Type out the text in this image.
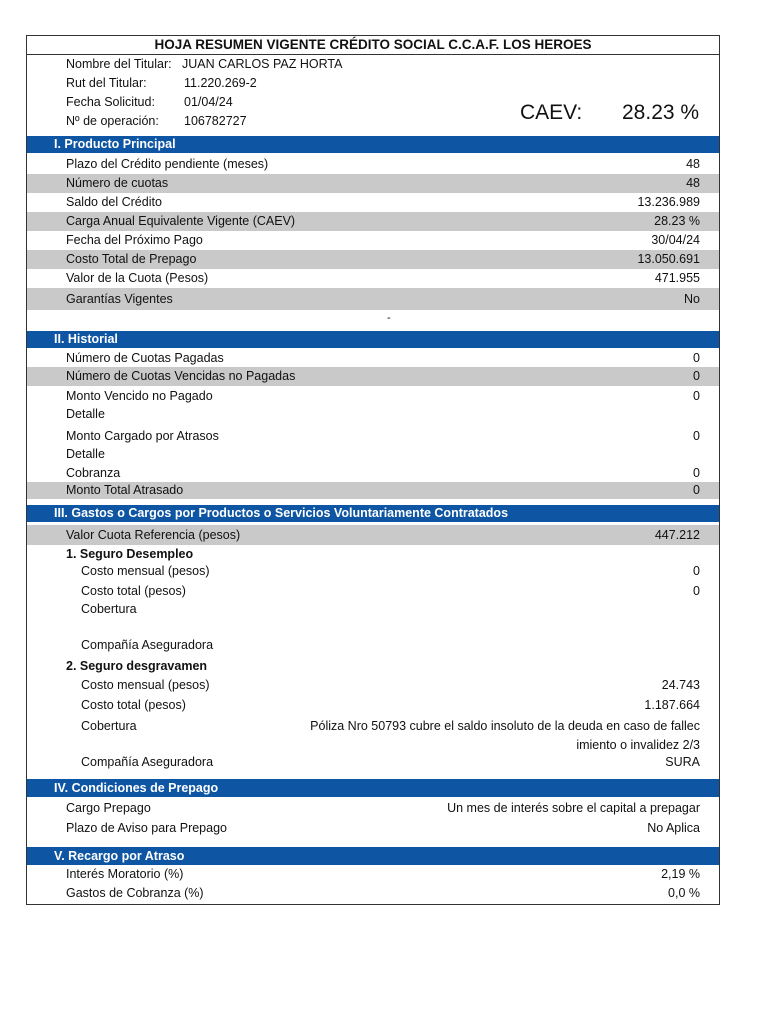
HOJA RESUMEN VIGENTE CRÉDITO SOCIAL C.C.A.F. LOS HEROES
Nombre del Titular: JUAN CARLOS PAZ HORTA
Rut del Titular:	11.220.269-2
Fecha Solicitud: 01/04/24
Nº de operación: 106782727	CAEV: 28.23 %
I. Producto Principal
Plazo del Crédito pendiente (meses)	48
Número de cuotas	48
Saldo del Crédito	13.236.989
Carga Anual Equivalente Vigente (CAEV)	28.23 %
Fecha del Próximo Pago	30/04/24
Costo Total de Prepago	13.050.691
Valor de la Cuota (Pesos)	471.955
Garantías Vigentes	No
-
II. Historial
Número de Cuotas Pagadas	0
Número de Cuotas Vencidas no Pagadas	0
Monto Vencido no Pagado	0
Detalle
Monto Cargado por Atrasos	0
Detalle
Cobranza	0
Monto Total Atrasado	0
III. Gastos o Cargos por Productos o Servicios Voluntariamente Contratados
Valor Cuota Referencia (pesos)	447.212
1. Seguro Desempleo
Costo mensual (pesos)	0
Costo total (pesos)	0
Cobertura
Compañía Aseguradora
2. Seguro desgravamen
Costo mensual (pesos)	24.743
Costo total (pesos)	1.187.664
Cobertura	Póliza Nro 50793 cubre el saldo insoluto de la deuda en caso de fallec
imiento o invalidez 2/3
Compañía Aseguradora	SURA
IV. Condiciones de Prepago
Cargo Prepago	Un mes de interés sobre el capital a prepagar
Plazo de Aviso para Prepago	No Aplica
V. Recargo por Atraso
Interés Moratorio (%)	2,19 %
Gastos de Cobranza (%)	0,0 %
